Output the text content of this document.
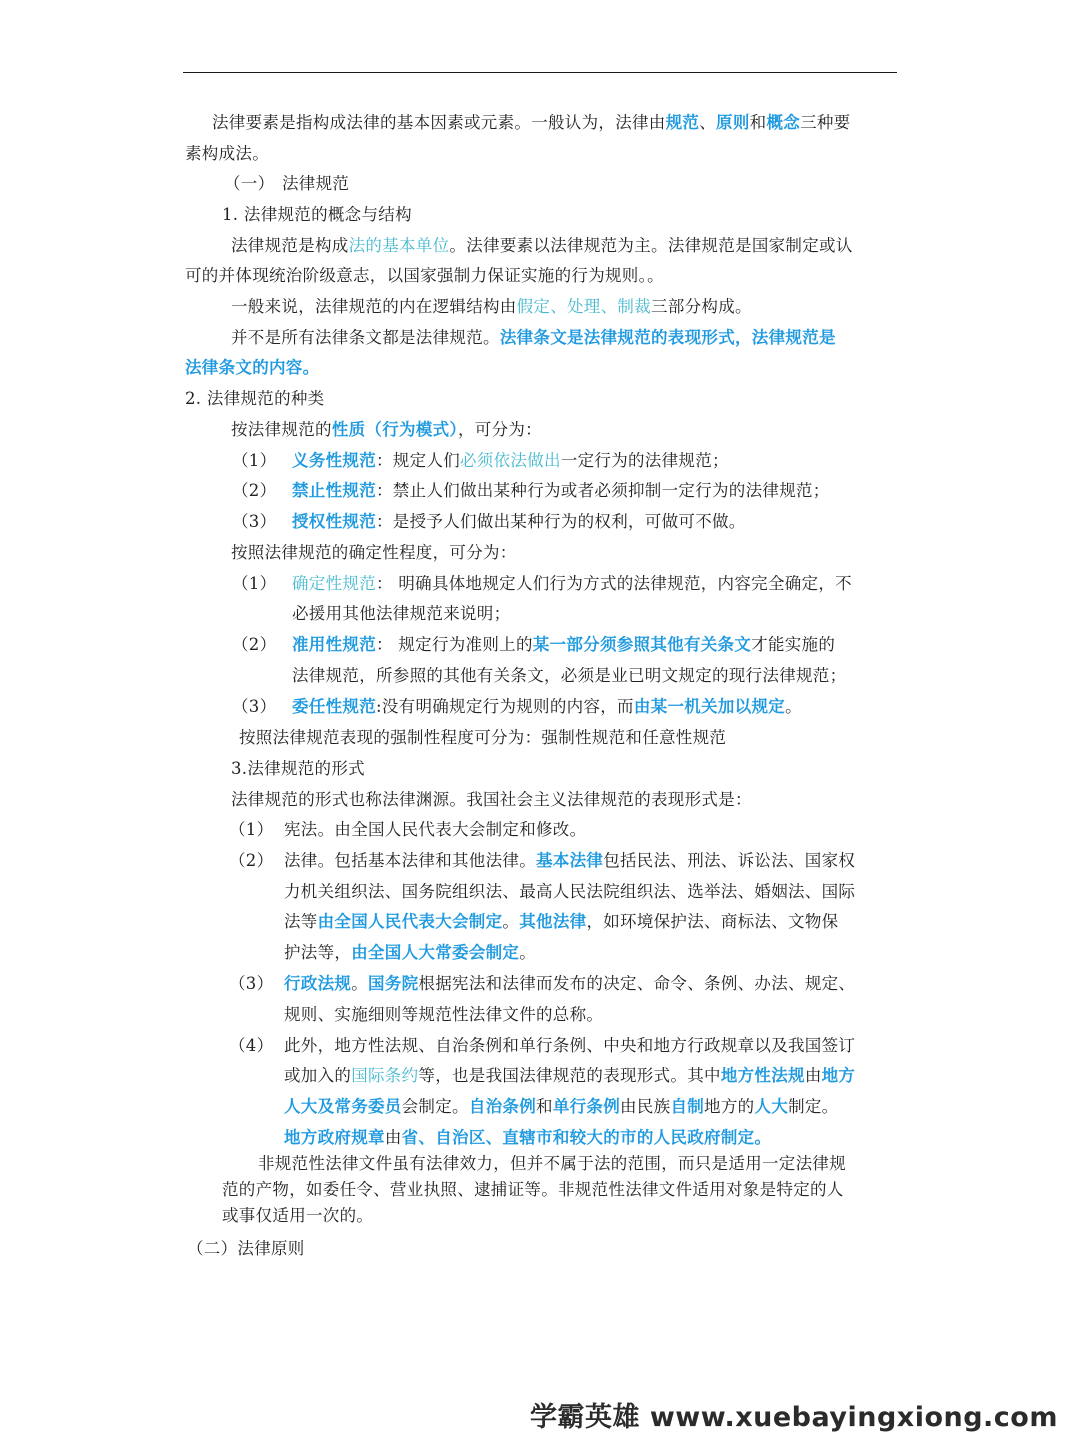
法律要素是指构成法律的基本因素或元素。一般认为，法律由规范、原则和概念三种要
素构成法。
（一） 法律规范
1. 法律规范的概念与结构
法律规范是构成法的基本单位。法律要素以法律规范为主。法律规范是国家制定或认
可的并体现统治阶级意志，以国家强制力保证实施的行为规则。。
一般来说，法律规范的内在逻辑结构由假定、处理、制裁三部分构成。
并不是所有法律条文都是法律规范。法律条文是法律规范的表现形式，法律规范是
法律条文的内容。
2. 法律规范的种类
按法律规范的性质（行为模式），可分为：
（1） 义务性规范：规定人们必须依法做出一定行为的法律规范；
（2） 禁止性规范：禁止人们做出某种行为或者必须抑制一定行为的法律规范；
（3） 授权性规范：是授予人们做出某种行为的权利，可做可不做。
按照法律规范的确定性程度，可分为：
（1） 确定性规范： 明确具体地规定人们行为方式的法律规范，内容完全确定，不
必援用其他法律规范来说明；
（2） 准用性规范： 规定行为准则上的某一部分须参照其他有关条文才能实施的
法律规范，所参照的其他有关条文，必须是业已明文规定的现行法律规范；
（3） 委任性规范:没有明确规定行为规则的内容，而由某一机关加以规定。
按照法律规范表现的强制性程度可分为：强制性规范和任意性规范
3.法律规范的形式
法律规范的形式也称法律渊源。我国社会主义法律规范的表现形式是：
（1） 宪法。由全国人民代表大会制定和修改。
（2） 法律。包括基本法律和其他法律。基本法律包括民法、刑法、诉讼法、国家权
力机关组织法、国务院组织法、最高人民法院组织法、选举法、婚姻法、国际
法等由全国人民代表大会制定。其他法律，如环境保护法、商标法、文物保
护法等，由全国人大常委会制定。
（3） 行政法规。国务院根据宪法和法律而发布的决定、命令、条例、办法、规定、
规则、实施细则等规范性法律文件的总称。
（4） 此外，地方性法规、自治条例和单行条例、中央和地方行政规章以及我国签订
或加入的国际条约等，也是我国法律规范的表现形式。其中地方性法规由地方
人大及常务委员会制定。自治条例和单行条例由民族自制地方的人大制定。
地方政府规章由省、自治区、直辖市和较大的市的人民政府制定。
非规范性法律文件虽有法律效力，但并不属于法的范围，而只是适用一定法律规
范的产物，如委任令、营业执照、逮捕证等。非规范性法律文件适用对象是特定的人
或事仅适用一次的。
（二）法律原则
学霸英雄 www.xuebayingxiong.com
